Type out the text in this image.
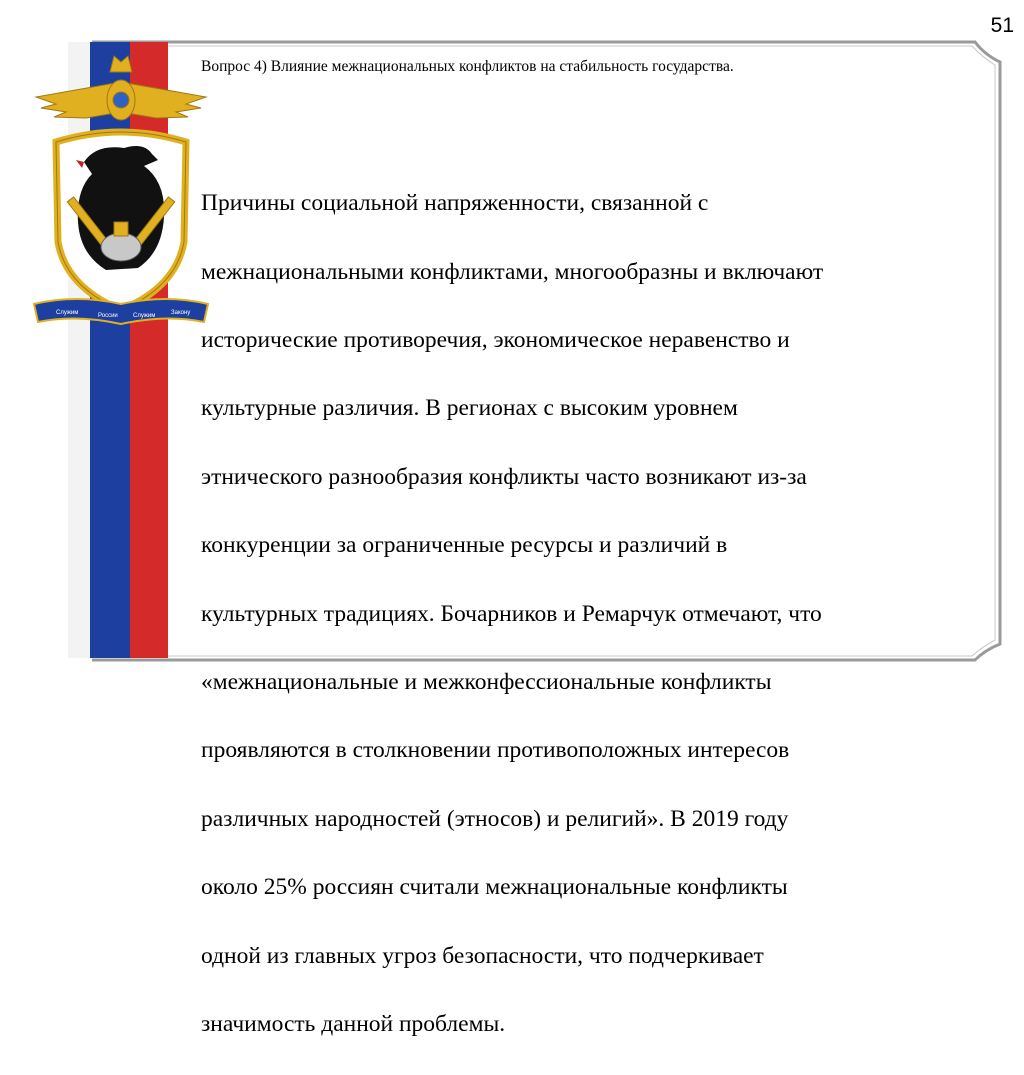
51
Служим	России	Служим	Закону
Вопрос 4) Влияние межнациональных конфликтов на стабильность государства.

Причины социальной напряженности, связанной с

межнациональными конфликтами, многообразны и включают

исторические противоречия, экономическое неравенство и

культурные различия. В регионах с высоким уровнем

этнического разнообразия конфликты часто возникают из-за

конкуренции за ограниченные ресурсы и различий в

культурных традициях. Бочарников и Ремарчук отмечают, что

«межнациональные и межконфессиональные конфликты

проявляются в столкновении противоположных интересов

различных народностей (этносов) и религий». В 2019 году

около 25% россиян считали межнациональные конфликты

одной из главных угроз безопасности, что подчеркивает

значимость данной проблемы.
